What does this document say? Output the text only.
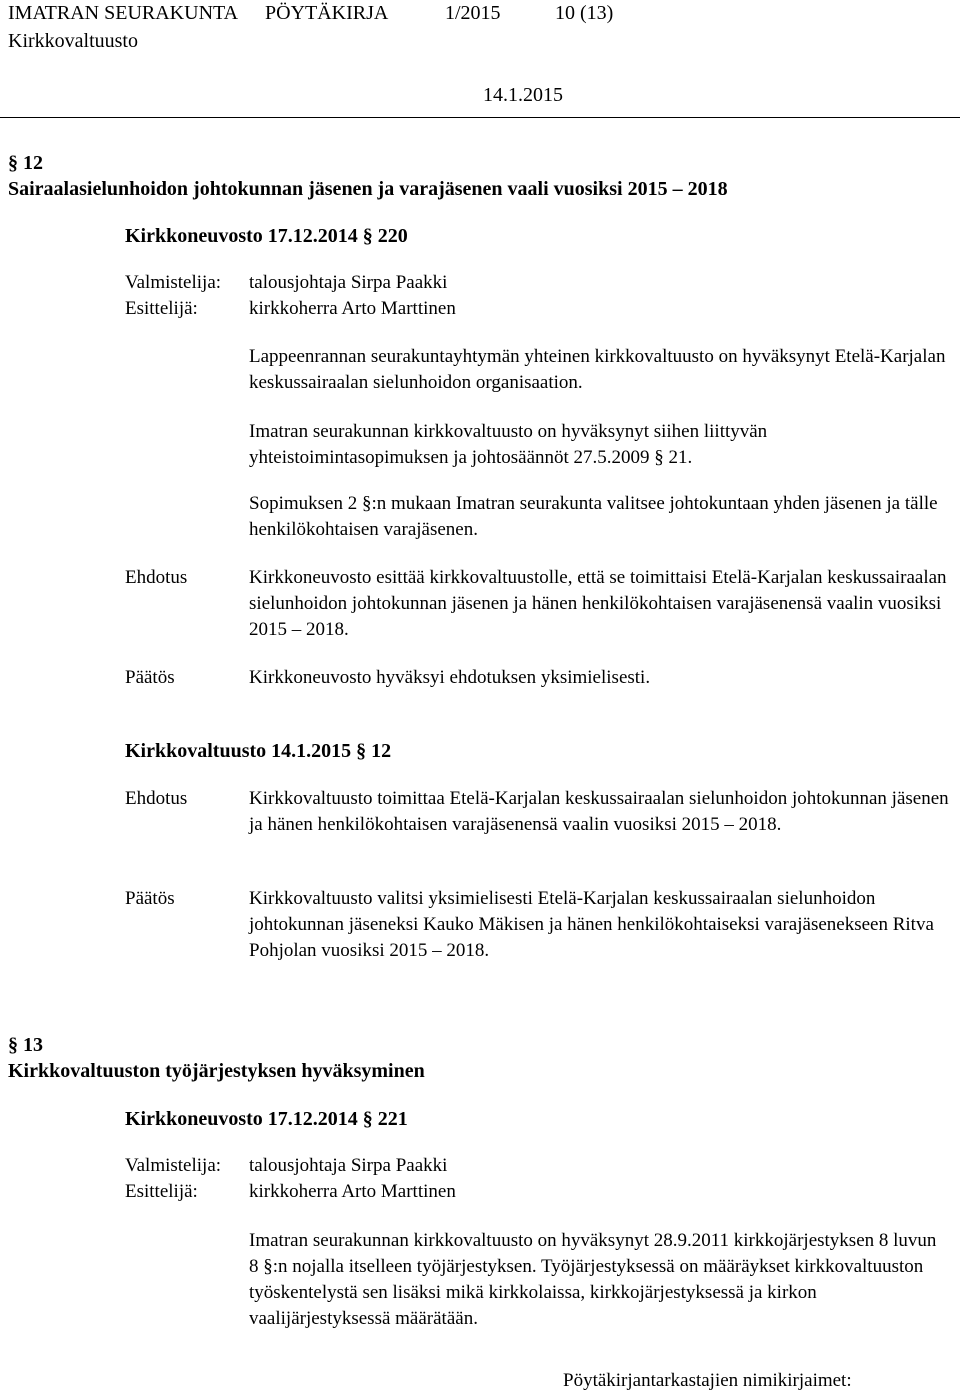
IMATRAN SEURAKUNTA	PÖYTÄKIRJA	1/2015	10 (13)
Kirkkovaltuusto
14.1.2015
§ 12
Sairaalasielunhoidon johtokunnan jäsenen ja varajäsenen vaali vuosiksi 2015 – 2018
Kirkkoneuvosto 17.12.2014 § 220
Valmistelija:	talousjohtaja Sirpa Paakki
Esittelijä:	kirkkoherra Arto Marttinen

Lappeenrannan seurakuntayhtymän yhteinen kirkkovaltuusto on hyväksynyt Etelä-Karjalan keskussairaalan sielunhoidon organisaation.

Imatran seurakunnan kirkkovaltuusto on hyväksynyt siihen liittyvän yhteistoimintasopimuksen ja johtosäännöt 27.5.2009 § 21.

Sopimuksen 2 §:n mukaan Imatran seurakunta valitsee johtokuntaan yhden jäsenen ja tälle henkilökohtaisen varajäsenen.

Ehdotus	Kirkkoneuvosto esittää kirkkovaltuustolle, että se toimittaisi Etelä-Karjalan keskussairaalan sielunhoidon johtokunnan jäsenen ja hänen henkilökohtaisen varajäsenensä vaalin vuosiksi 2015 – 2018.
Päätös	Kirkkoneuvosto hyväksyi ehdotuksen yksimielisesti.
Kirkkovaltuusto 14.1.2015 § 12
Ehdotus	Kirkkovaltuusto toimittaa Etelä-Karjalan keskussairaalan sielunhoidon johtokunnan jäsenen ja hänen henkilökohtaisen varajäsenensä vaalin vuosiksi 2015 – 2018.
Päätös	Kirkkovaltuusto valitsi yksimielisesti Etelä-Karjalan keskussairaalan sielunhoidon johtokunnan jäseneksi Kauko Mäkisen ja hänen henkilökohtaiseksi varajäsenekseen Ritva Pohjolan vuosiksi 2015 – 2018.
§ 13
Kirkkovaltuuston työjärjestyksen hyväksyminen
Kirkkoneuvosto 17.12.2014 § 221
Valmistelija:	talousjohtaja Sirpa Paakki
Esittelijä:	kirkkoherra Arto Marttinen

Imatran seurakunnan kirkkovaltuusto on hyväksynyt 28.9.2011 kirkkojärjestyksen 8 luvun 8 §:n nojalla itselleen työjärjestyksen. Työjärjestyksessä on määräykset kirkkovaltuuston työskentelystä sen lisäksi mikä kirkkolaissa, kirkkojärjestyksessä ja kirkon vaalijärjestyksessä määrätään.

Pöytäkirjantarkastajien nimikirjaimet:
